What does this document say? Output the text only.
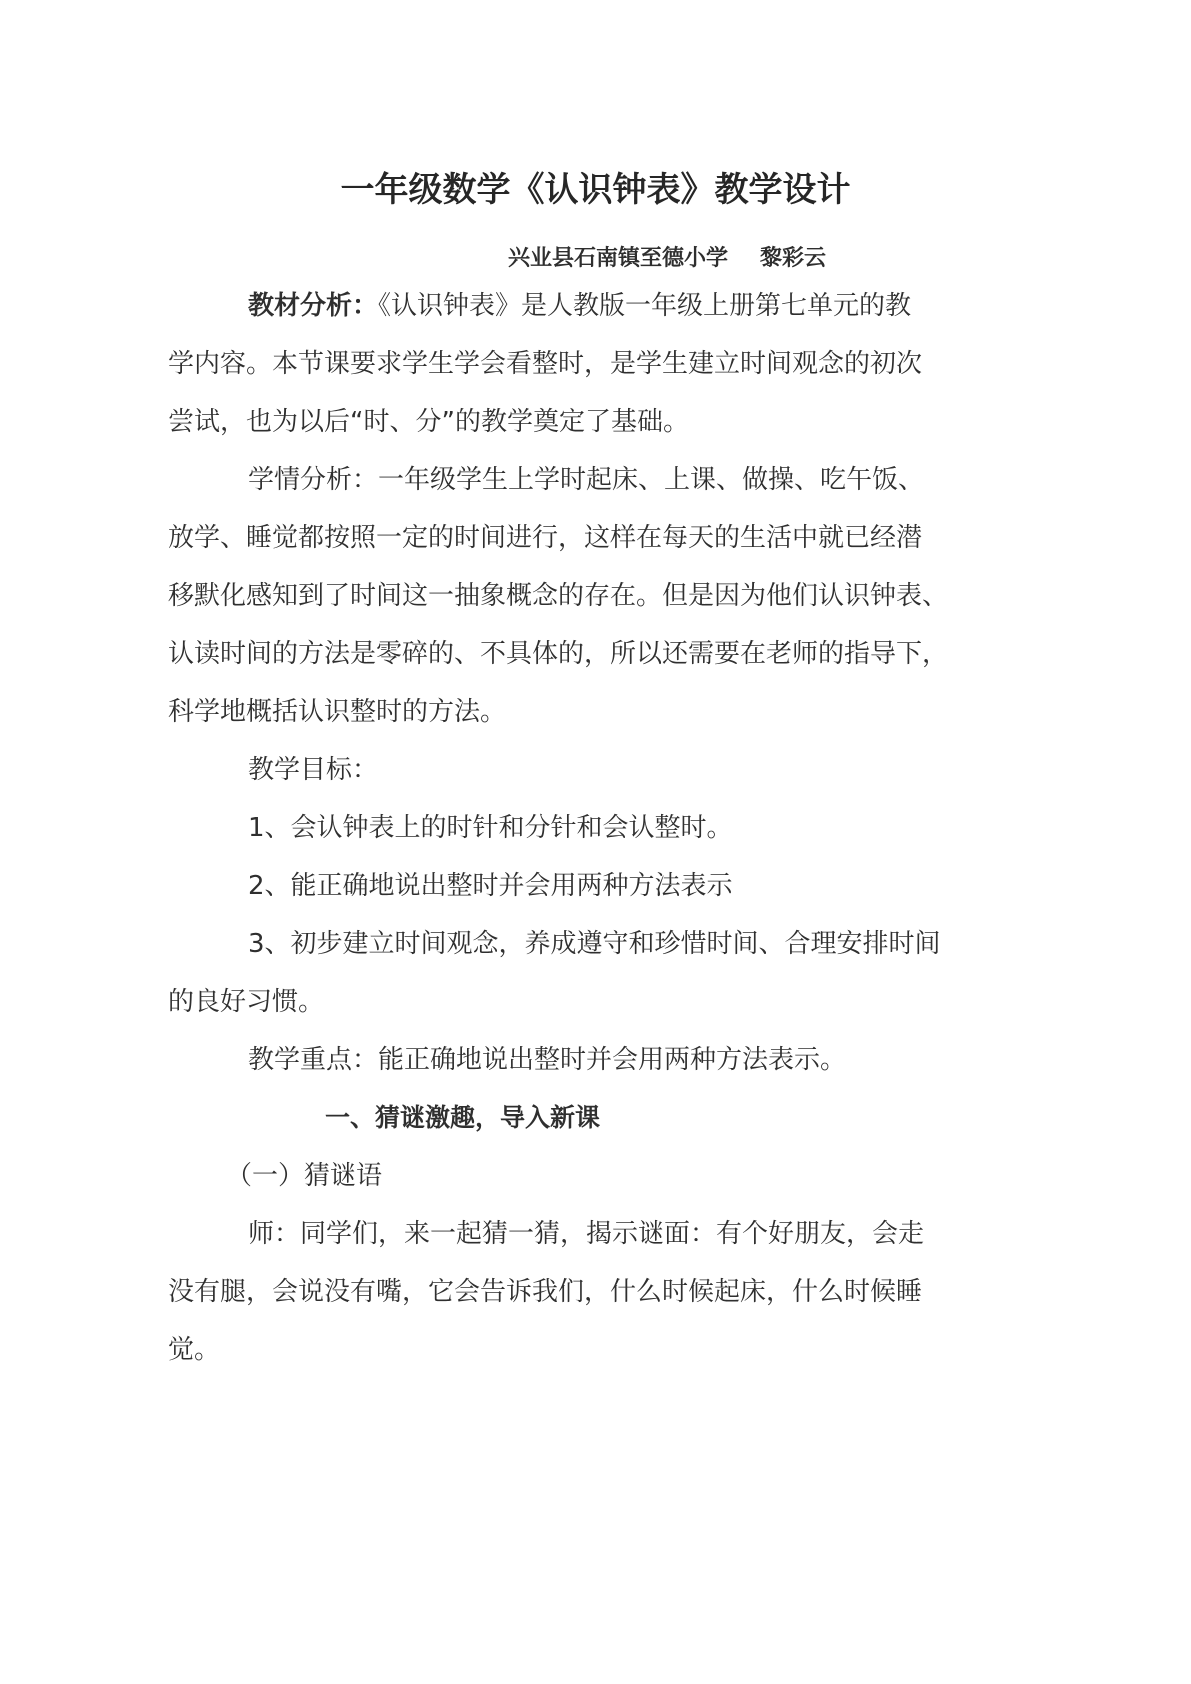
一年级数学《认识钟表》教学设计
兴业县石南镇至德小学 黎彩云
教材分析：《认识钟表》是人教版一年级上册第七单元的教
学内容。本节课要求学生学会看整时，是学生建立时间观念的初次
尝试，也为以后“时、分”的教学奠定了基础。
学情分析：一年级学生上学时起床、上课、做操、吃午饭、
放学、睡觉都按照一定的时间进行，这样在每天的生活中就已经潜
移默化感知到了时间这一抽象概念的存在。但是因为他们认识钟表、
认读时间的方法是零碎的、不具体的，所以还需要在老师的指导下，
科学地概括认识整时的方法。
教学目标：
1、会认钟表上的时针和分针和会认整时。
2、能正确地说出整时并会用两种方法表示
3、初步建立时间观念，养成遵守和珍惜时间、合理安排时间
的良好习惯。
教学重点：能正确地说出整时并会用两种方法表示。
一、猜谜激趣，导入新课
（一）猜谜语
师：同学们，来一起猜一猜，揭示谜面：有个好朋友，会走
没有腿，会说没有嘴，它会告诉我们，什么时候起床，什么时候睡
觉。
